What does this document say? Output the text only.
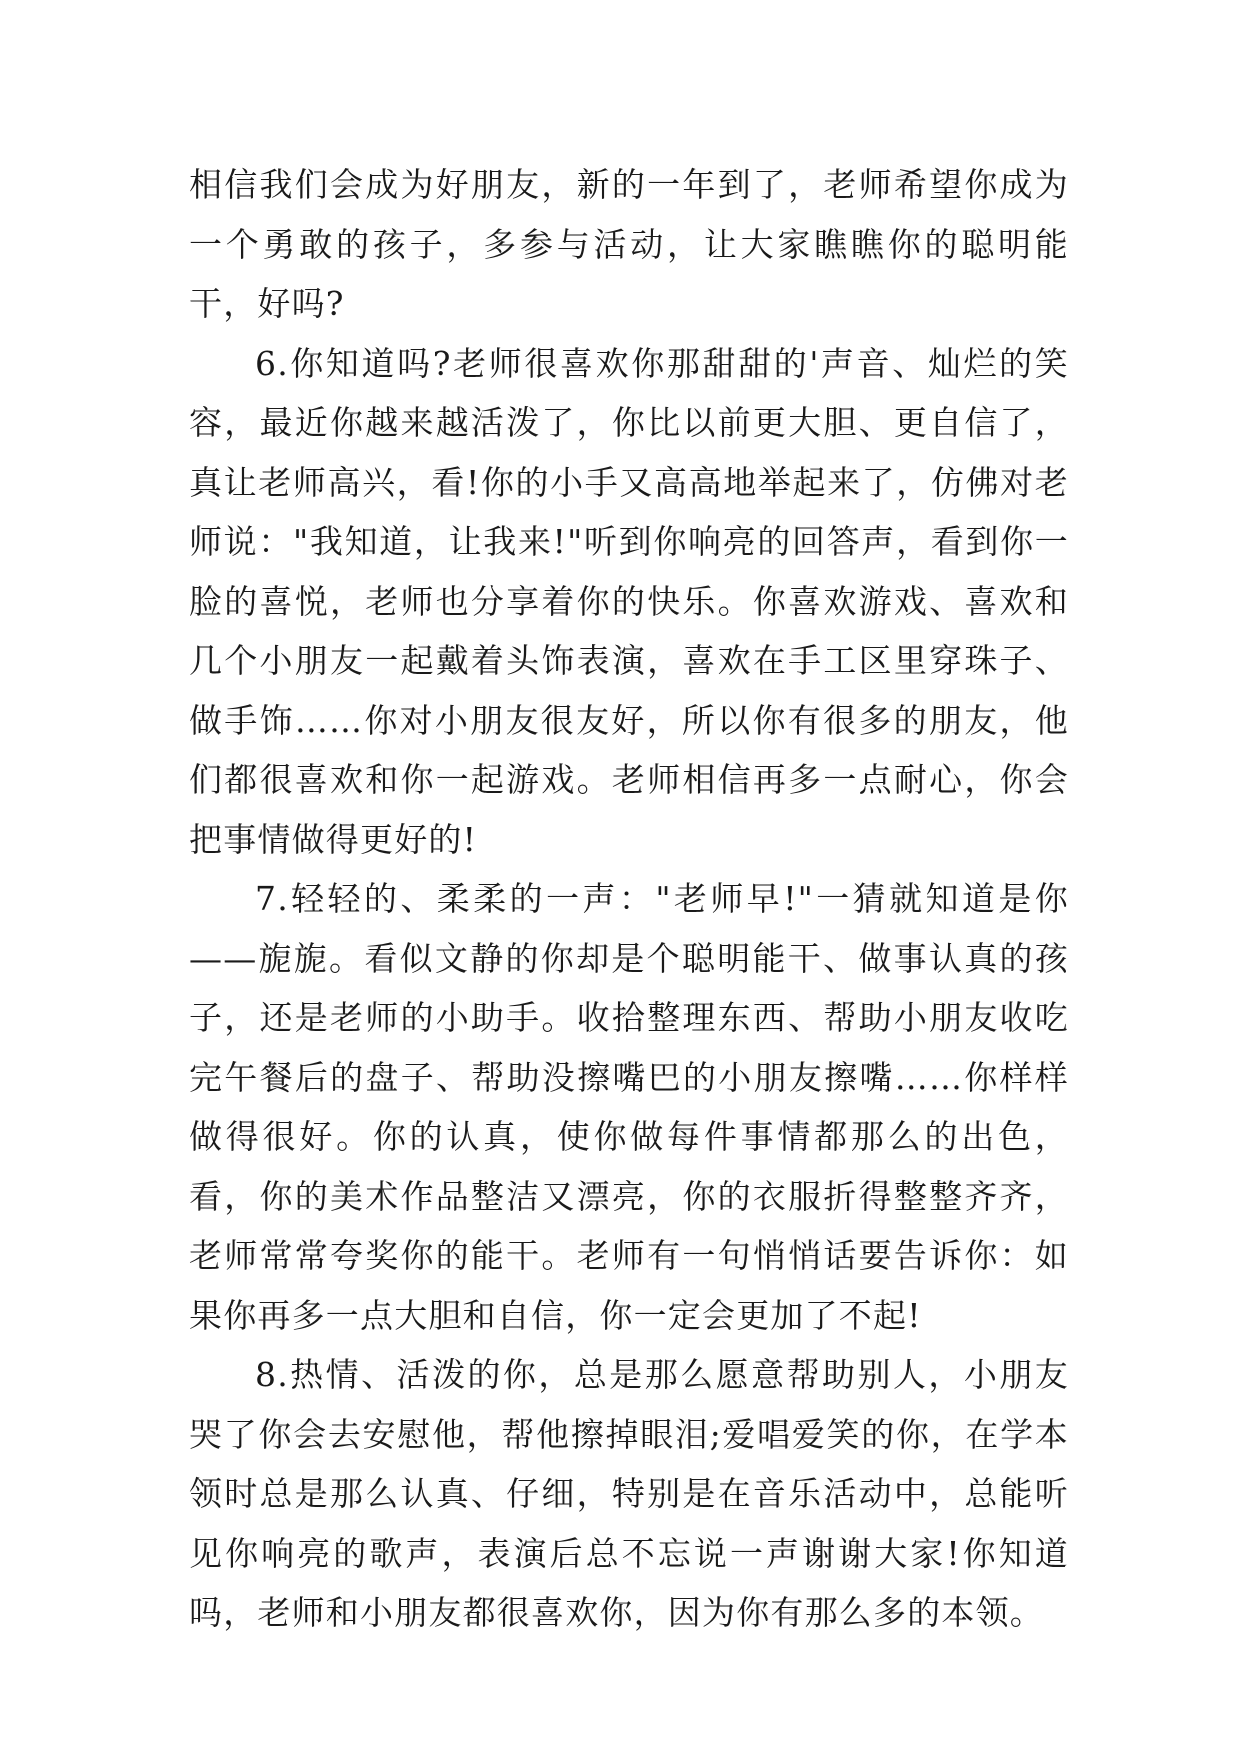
相信我们会成为好朋友，新的一年到了，老师希望你成为一个勇敢的孩子，多参与活动，让大家瞧瞧你的聪明能干，好吗?

6.你知道吗?老师很喜欢你那甜甜的'声音、灿烂的笑容，最近你越来越活泼了，你比以前更大胆、更自信了，真让老师高兴，看!你的小手又高高地举起来了，仿佛对老师说："我知道，让我来!"听到你响亮的回答声，看到你一脸的喜悦，老师也分享着你的快乐。你喜欢游戏、喜欢和几个小朋友一起戴着头饰表演，喜欢在手工区里穿珠子、做手饰……你对小朋友很友好，所以你有很多的朋友，他们都很喜欢和你一起游戏。老师相信再多一点耐心，你会把事情做得更好的!

7.轻轻的、柔柔的一声："老师早!"一猜就知道是你——旎旎。看似文静的你却是个聪明能干、做事认真的孩子，还是老师的小助手。收拾整理东西、帮助小朋友收吃完午餐后的盘子、帮助没擦嘴巴的小朋友擦嘴……你样样做得很好。你的认真，使你做每件事情都那么的出色，看，你的美术作品整洁又漂亮，你的衣服折得整整齐齐，老师常常夸奖你的能干。老师有一句悄悄话要告诉你：如果你再多一点大胆和自信，你一定会更加了不起!

8.热情、活泼的你，总是那么愿意帮助别人，小朋友哭了你会去安慰他，帮他擦掉眼泪;爱唱爱笑的你，在学本领时总是那么认真、仔细，特别是在音乐活动中，总能听见你响亮的歌声，表演后总不忘说一声谢谢大家!你知道吗，老师和小朋友都很喜欢你，因为你有那么多的本领。
